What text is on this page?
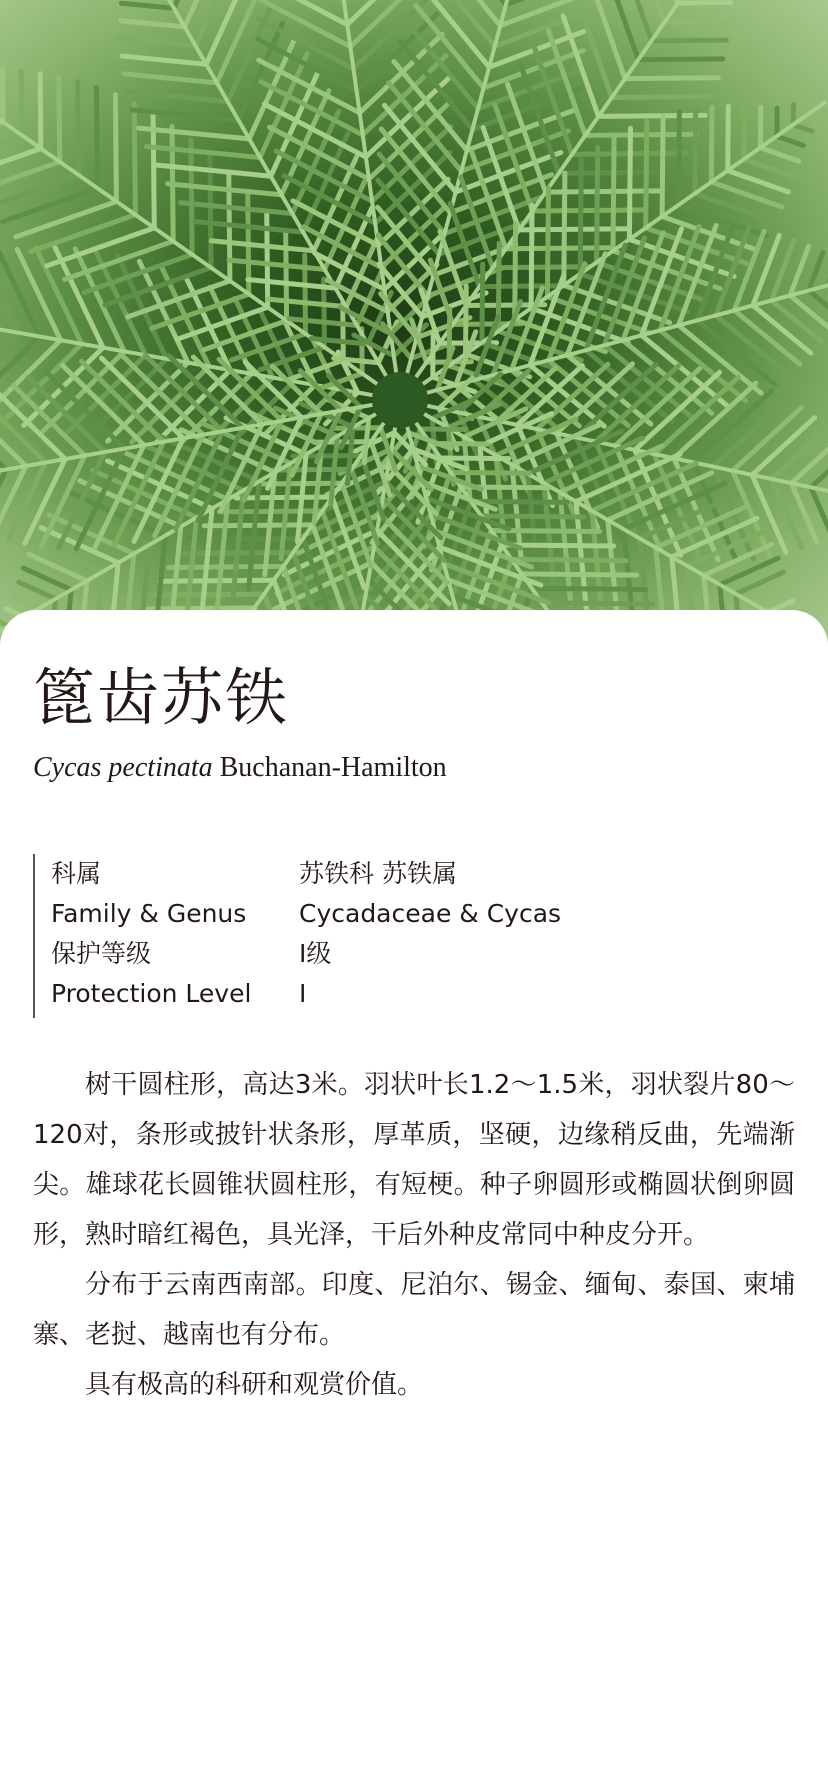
篦齿苏铁
Cycas pectinata Buchanan-Hamilton
科属	苏铁科 苏铁属
Family & Genus Cycadaceae & Cycas
保护等级	Ⅰ级
Protection Level Ⅰ

树干圆柱形，高达3米。羽状叶长1.2～1.5米，羽状裂片80～120对，条形或披针状条形，厚革质，坚硬，边缘稍反曲，先端渐尖。雄球花长圆锥状圆柱形，有短梗。种子卵圆形或椭圆状倒卵圆形，熟时暗红褐色，具光泽，干后外种皮常同中种皮分开。

分布于云南西南部。印度、尼泊尔、锡金、缅甸、泰国、柬埔寨、老挝、越南也有分布。

具有极高的科研和观赏价值。
